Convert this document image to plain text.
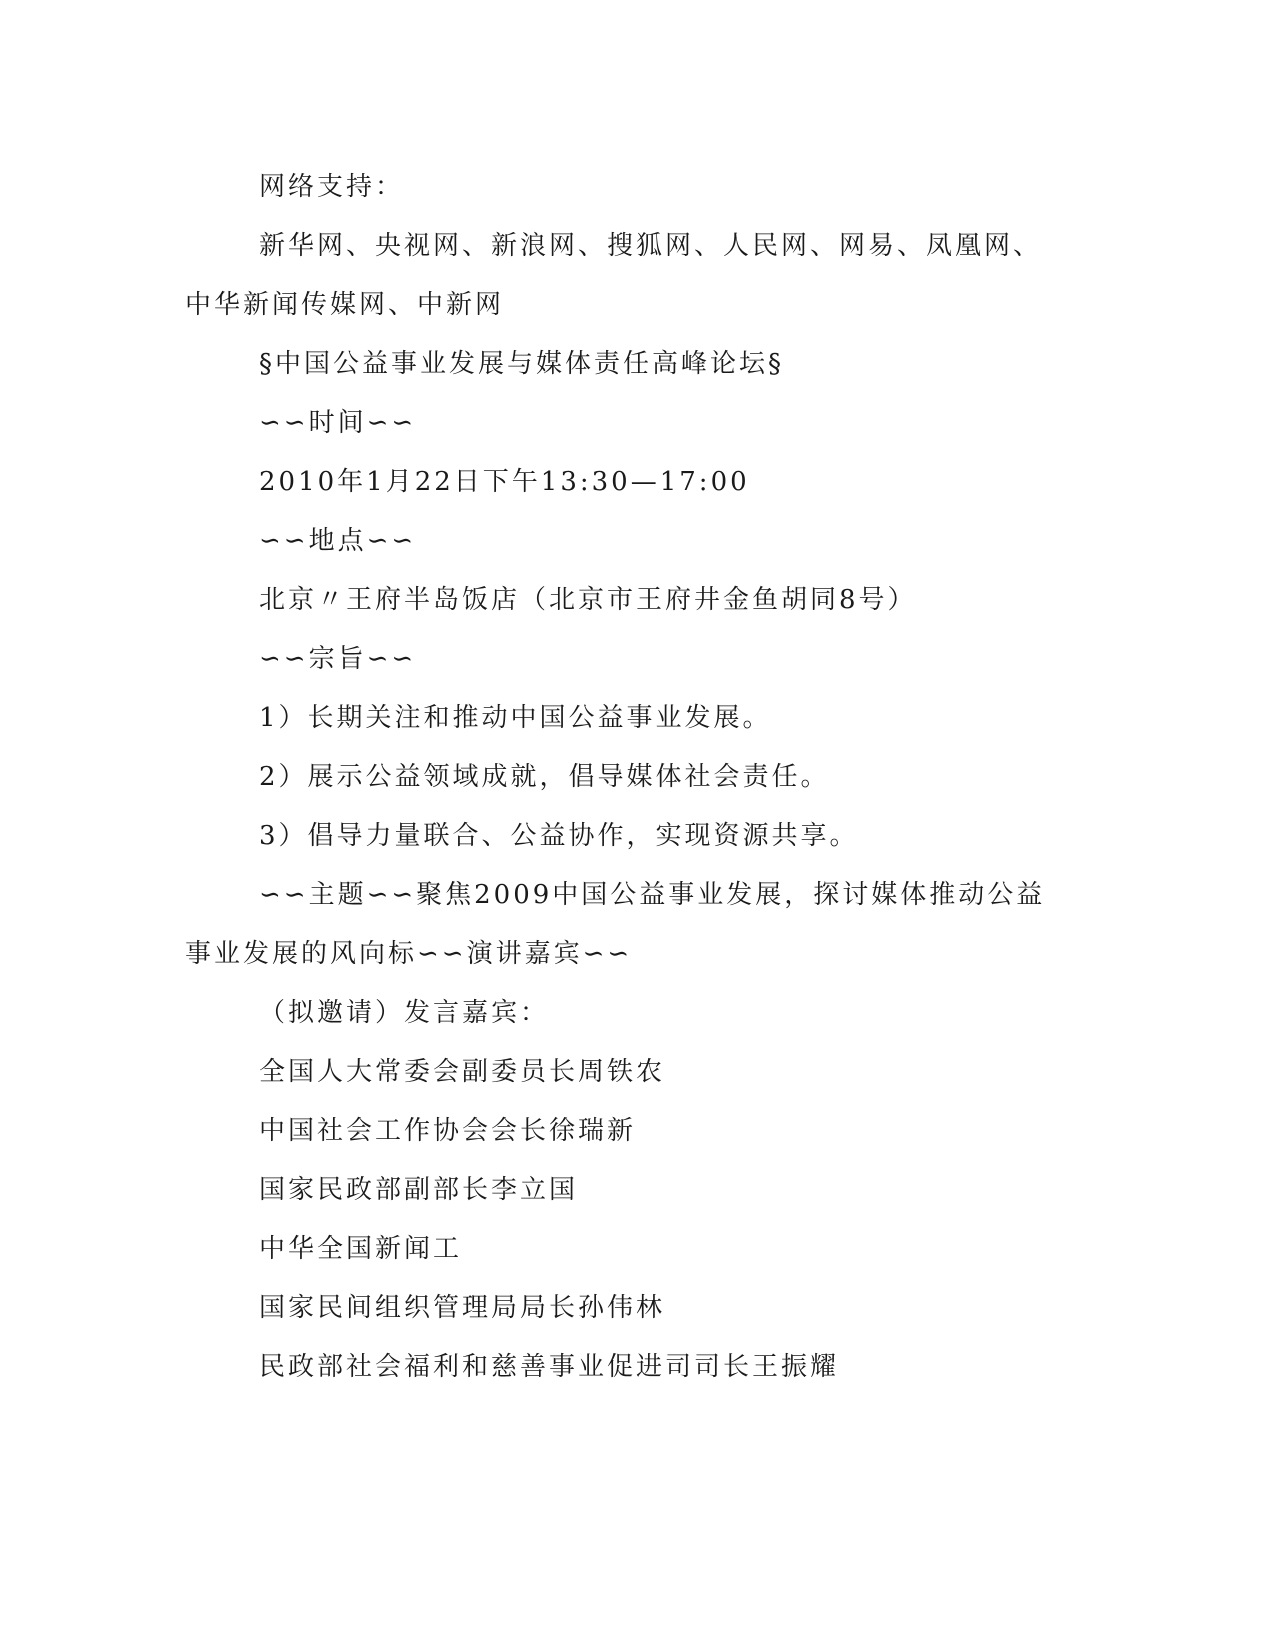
网络支持：

新华网、央视网、新浪网、搜狐网、人民网、网易、凤凰网、中华新闻传媒网、中新网

§中国公益事业发展与媒体责任高峰论坛§

∽∽时间∽∽

2010年1月22日下午13:30—17:00

∽∽地点∽∽

北京〃王府半岛饭店（北京市王府井金鱼胡同8号）

∽∽宗旨∽∽

1）长期关注和推动中国公益事业发展。

2）展示公益领域成就，倡导媒体社会责任。

3）倡导力量联合、公益协作，实现资源共享。

∽∽主题∽∽聚焦2009中国公益事业发展，探讨媒体推动公益事业发展的风向标∽∽演讲嘉宾∽∽

（拟邀请）发言嘉宾：

全国人大常委会副委员长周铁农

中国社会工作协会会长徐瑞新

国家民政部副部长李立国

中华全国新闻工

国家民间组织管理局局长孙伟林

民政部社会福利和慈善事业促进司司长王振耀
